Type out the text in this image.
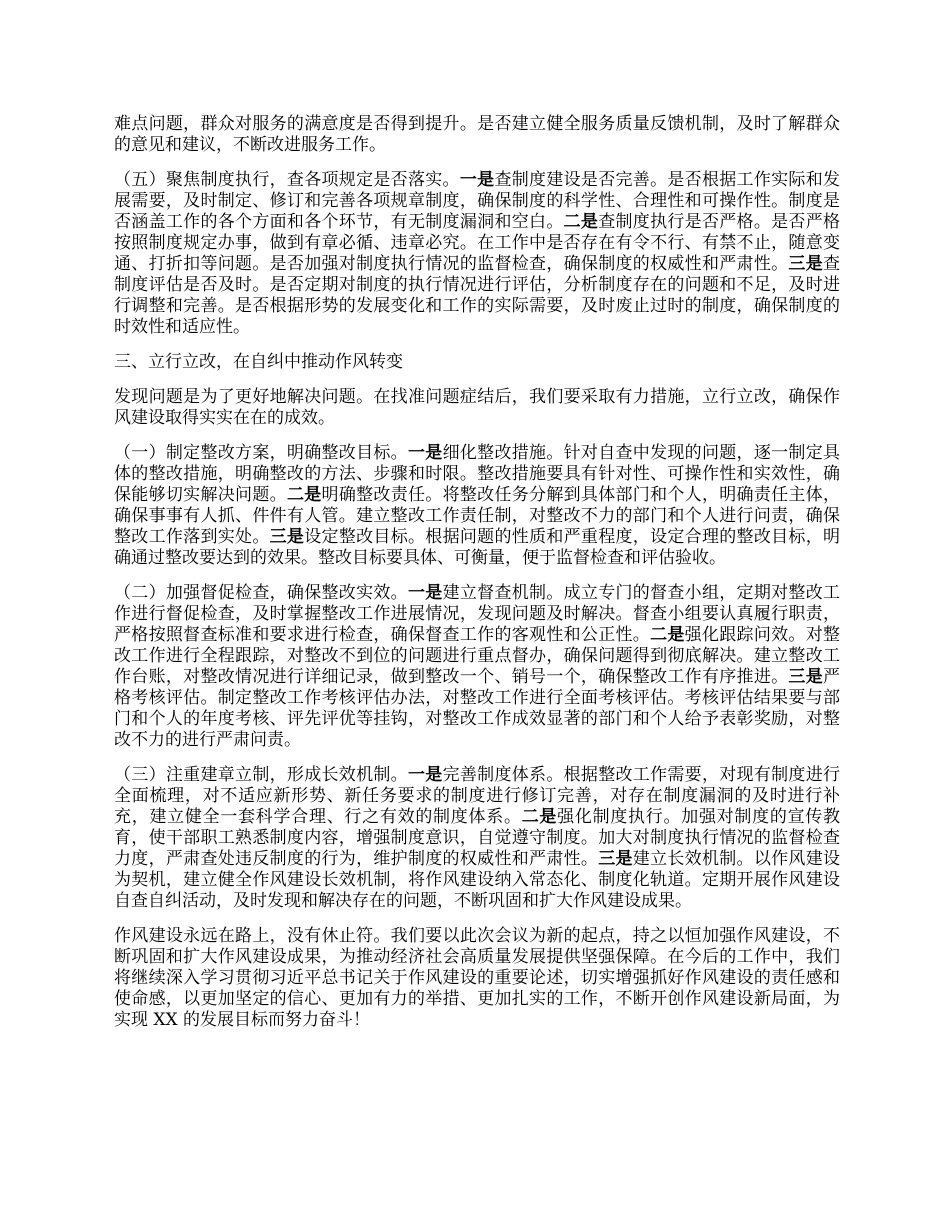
难点问题，群众对服务的满意度是否得到提升。是否建立健全服务质量反馈机制，及时了解群众的意见和建议，不断改进服务工作。

（五）聚焦制度执行，查各项规定是否落实。一是查制度建设是否完善。是否根据工作实际和发展需要，及时制定、修订和完善各项规章制度，确保制度的科学性、合理性和可操作性。制度是否涵盖工作的各个方面和各个环节，有无制度漏洞和空白。二是查制度执行是否严格。是否严格按照制度规定办事，做到有章必循、违章必究。在工作中是否存在有令不行、有禁不止，随意变通、打折扣等问题。是否加强对制度执行情况的监督检查，确保制度的权威性和严肃性。三是查制度评估是否及时。是否定期对制度的执行情况进行评估，分析制度存在的问题和不足，及时进行调整和完善。是否根据形势的发展变化和工作的实际需要，及时废止过时的制度，确保制度的时效性和适应性。

三、立行立改，在自纠中推动作风转变

发现问题是为了更好地解决问题。在找准问题症结后，我们要采取有力措施，立行立改，确保作风建设取得实实在在的成效。

（一）制定整改方案，明确整改目标。一是细化整改措施。针对自查中发现的问题，逐一制定具体的整改措施，明确整改的方法、步骤和时限。整改措施要具有针对性、可操作性和实效性，确保能够切实解决问题。二是明确整改责任。将整改任务分解到具体部门和个人，明确责任主体，确保事事有人抓、件件有人管。建立整改工作责任制，对整改不力的部门和个人进行问责，确保整改工作落到实处。三是设定整改目标。根据问题的性质和严重程度，设定合理的整改目标，明确通过整改要达到的效果。整改目标要具体、可衡量，便于监督检查和评估验收。

（二）加强督促检查，确保整改实效。一是建立督查机制。成立专门的督查小组，定期对整改工作进行督促检查，及时掌握整改工作进展情况，发现问题及时解决。督查小组要认真履行职责，严格按照督查标准和要求进行检查，确保督查工作的客观性和公正性。二是强化跟踪问效。对整改工作进行全程跟踪，对整改不到位的问题进行重点督办，确保问题得到彻底解决。建立整改工作台账，对整改情况进行详细记录，做到整改一个、销号一个，确保整改工作有序推进。三是严格考核评估。制定整改工作考核评估办法，对整改工作进行全面考核评估。考核评估结果要与部门和个人的年度考核、评先评优等挂钩，对整改工作成效显著的部门和个人给予表彰奖励，对整改不力的进行严肃问责。

（三）注重建章立制，形成长效机制。一是完善制度体系。根据整改工作需要，对现有制度进行全面梳理，对不适应新形势、新任务要求的制度进行修订完善，对存在制度漏洞的及时进行补充，建立健全一套科学合理、行之有效的制度体系。二是强化制度执行。加强对制度的宣传教育，使干部职工熟悉制度内容，增强制度意识，自觉遵守制度。加大对制度执行情况的监督检查力度，严肃查处违反制度的行为，维护制度的权威性和严肃性。三是建立长效机制。以作风建设为契机，建立健全作风建设长效机制，将作风建设纳入常态化、制度化轨道。定期开展作风建设自查自纠活动，及时发现和解决存在的问题，不断巩固和扩大作风建设成果。

作风建设永远在路上，没有休止符。我们要以此次会议为新的起点，持之以恒加强作风建设，不断巩固和扩大作风建设成果，为推动经济社会高质量发展提供坚强保障。在今后的工作中，我们将继续深入学习贯彻习近平总书记关于作风建设的重要论述，切实增强抓好作风建设的责任感和使命感，以更加坚定的信心、更加有力的举措、更加扎实的工作，不断开创作风建设新局面，为实现 XX 的发展目标而努力奋斗！
